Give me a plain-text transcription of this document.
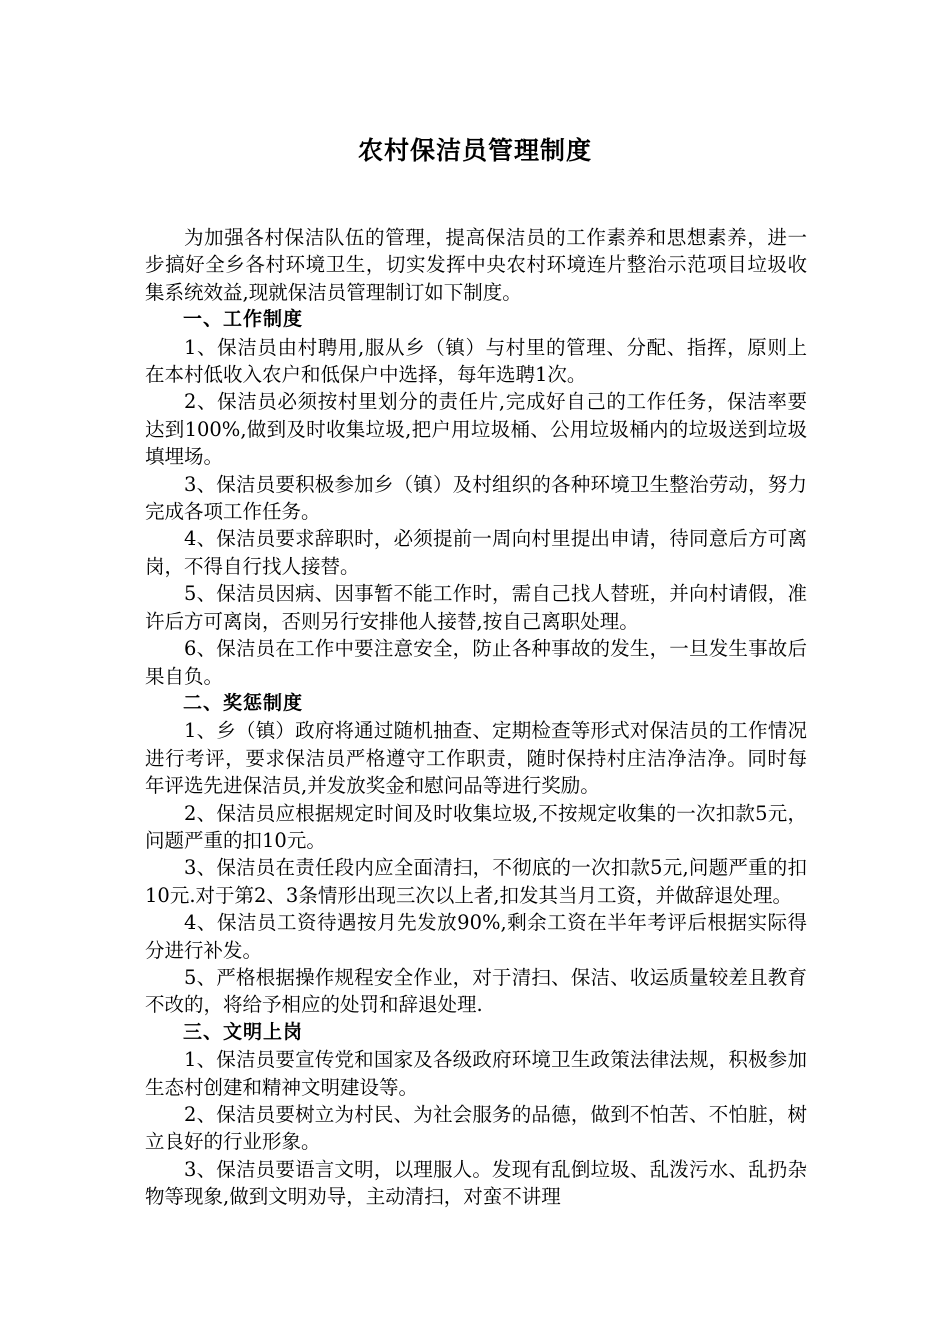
农村保洁员管理制度

为加强各村保洁队伍的管理，提高保洁员的工作素养和思想素养，进一步搞好全乡各村环境卫生，切实发挥中央农村环境连片整治示范项目垃圾收集系统效益,现就保洁员管理制订如下制度。

一、工作制度

1、保洁员由村聘用,服从乡（镇）与村里的管理、分配、指挥，原则上在本村低收入农户和低保户中选择，每年选聘1次。

2、保洁员必须按村里划分的责任片,完成好自己的工作任务，保洁率要达到100%,做到及时收集垃圾,把户用垃圾桶、公用垃圾桶内的垃圾送到垃圾填埋场。

3、保洁员要积极参加乡（镇）及村组织的各种环境卫生整治劳动，努力完成各项工作任务。

4、保洁员要求辞职时，必须提前一周向村里提出申请，待同意后方可离岗，不得自行找人接替。

5、保洁员因病、因事暂不能工作时，需自己找人替班，并向村请假，准许后方可离岗，否则另行安排他人接替,按自己离职处理。

6、保洁员在工作中要注意安全，防止各种事故的发生，一旦发生事故后果自负。

二、奖惩制度

1、乡（镇）政府将通过随机抽查、定期检查等形式对保洁员的工作情况进行考评，要求保洁员严格遵守工作职责，随时保持村庄洁净洁净。同时每年评选先进保洁员,并发放奖金和慰问品等进行奖励。

2、保洁员应根据规定时间及时收集垃圾,不按规定收集的一次扣款5元，问题严重的扣10元。

3、保洁员在责任段内应全面清扫，不彻底的一次扣款5元,问题严重的扣10元.对于第2、3条情形出现三次以上者,扣发其当月工资，并做辞退处理。

4、保洁员工资待遇按月先发放90%,剩余工资在半年考评后根据实际得分进行补发。

5、严格根据操作规程安全作业，对于清扫、保洁、收运质量较差且教育不改的，将给予相应的处罚和辞退处理.

三、文明上岗

1、保洁员要宣传党和国家及各级政府环境卫生政策法律法规，积极参加生态村创建和精神文明建设等。

2、保洁员要树立为村民、为社会服务的品德，做到不怕苦、不怕脏，树立良好的行业形象。

3、保洁员要语言文明，以理服人。发现有乱倒垃圾、乱泼污水、乱扔杂物等现象,做到文明劝导，主动清扫，对蛮不讲理
